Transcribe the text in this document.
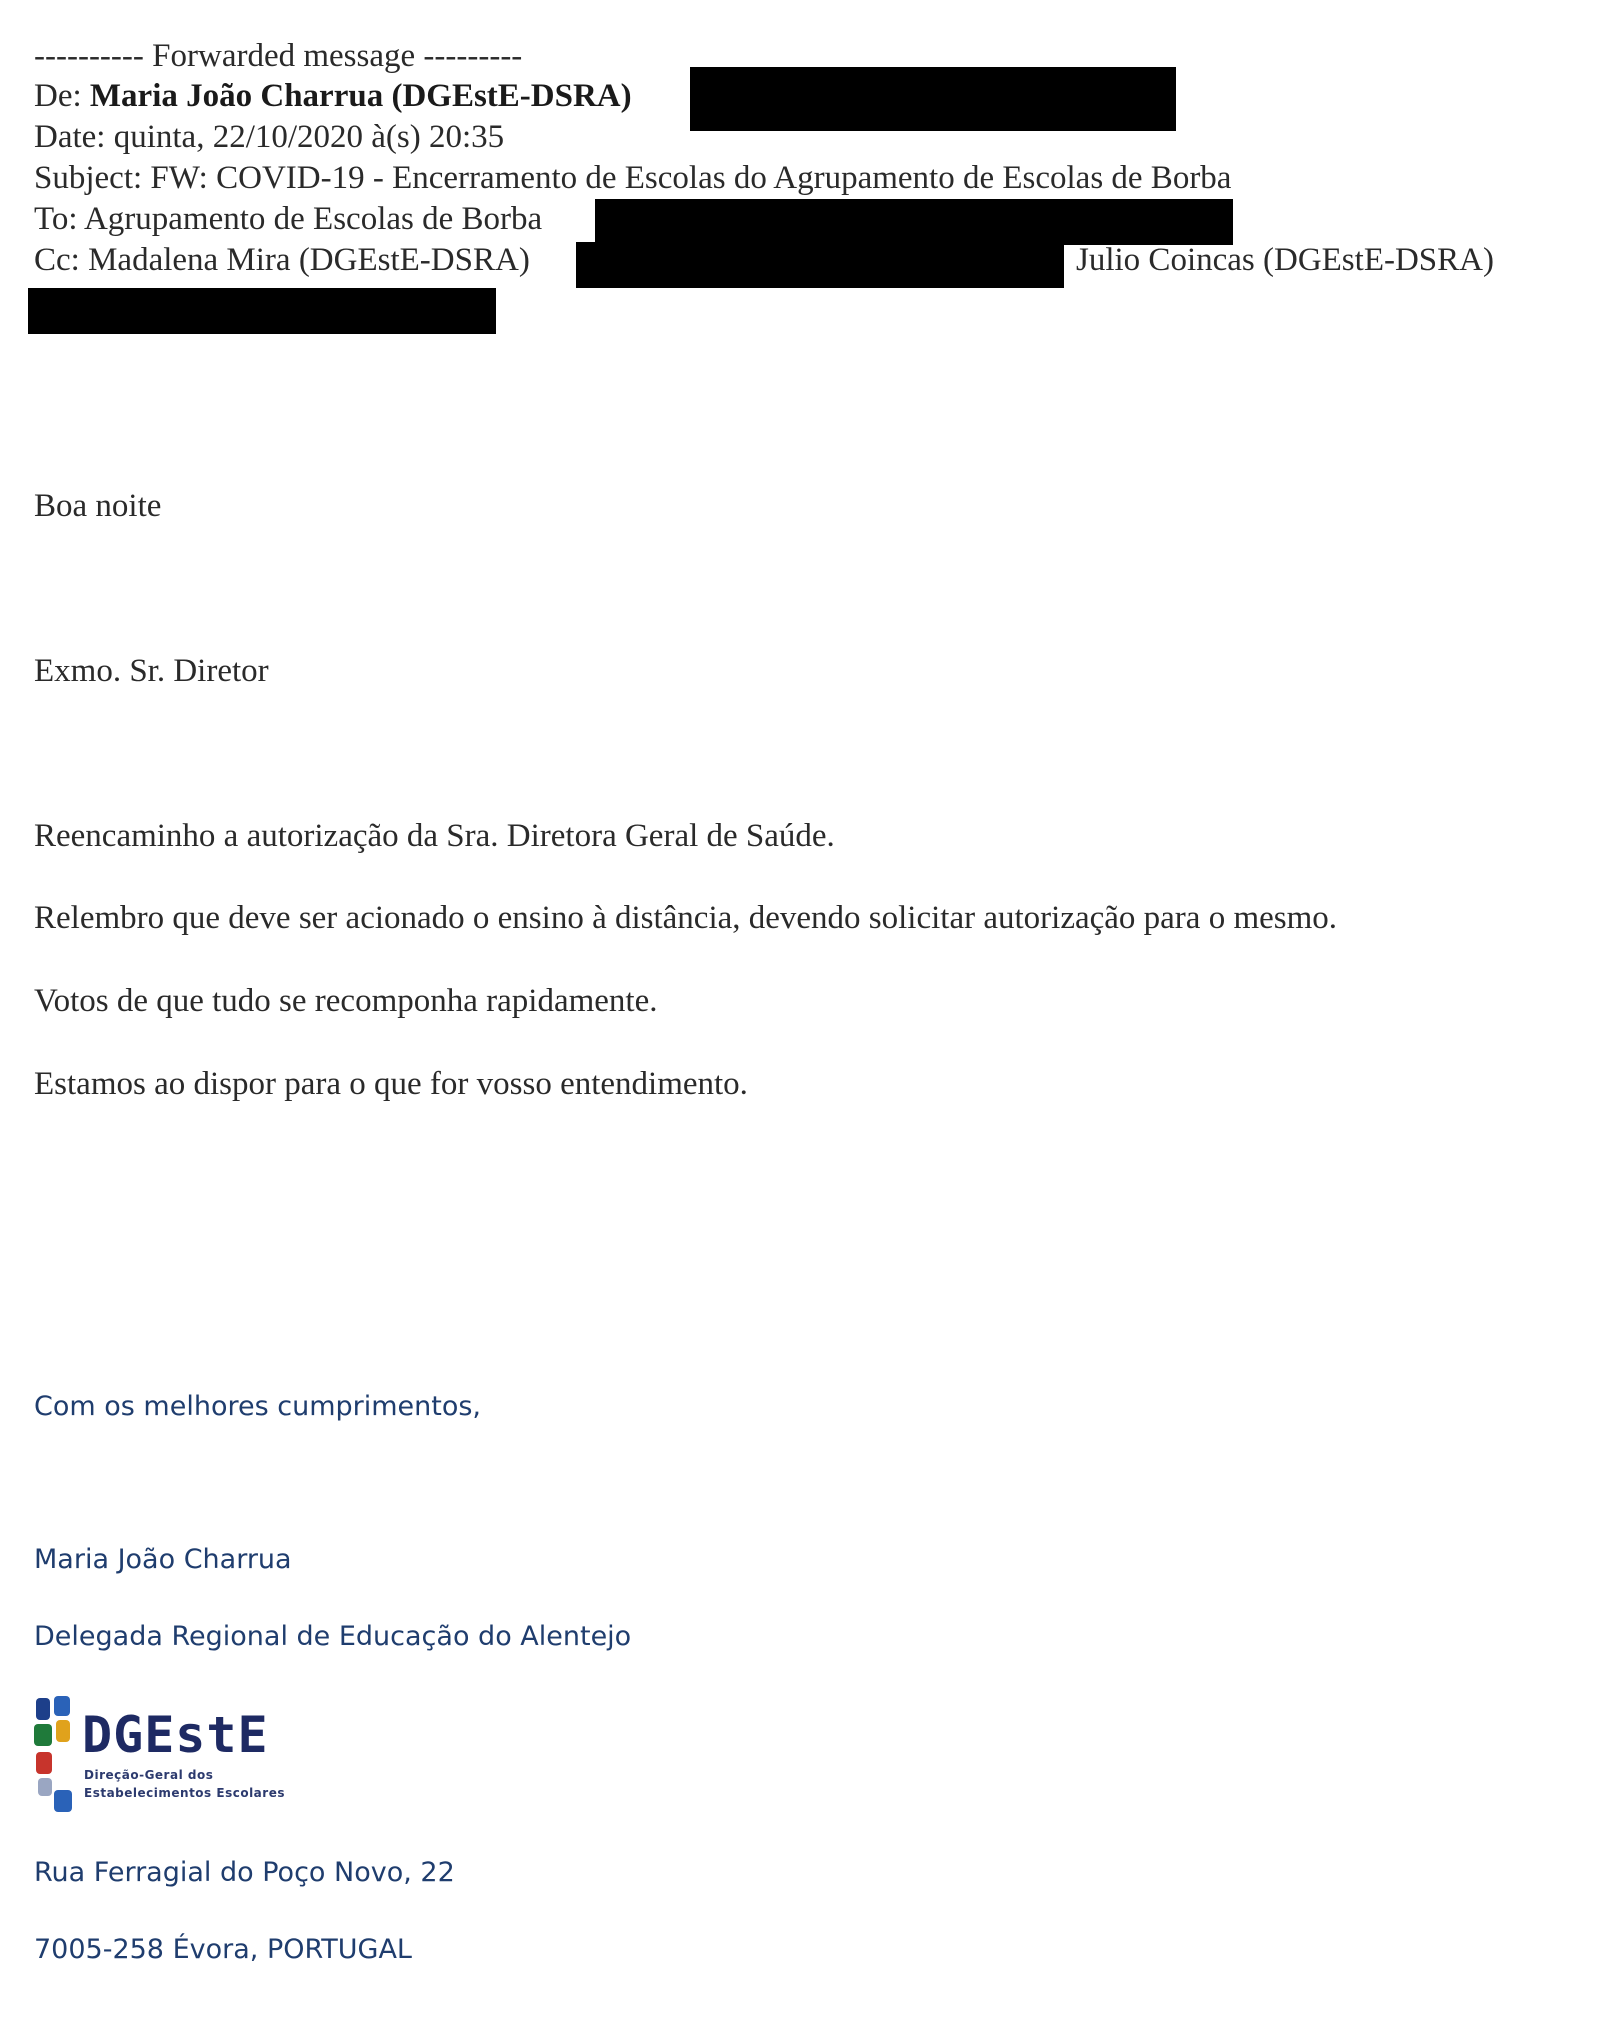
---------- Forwarded message ---------
De: Maria João Charrua (DGEstE-DSRA)
Date: quinta, 22/10/2020 à(s) 20:35
Subject: FW: COVID-19 - Encerramento de Escolas do Agrupamento de Escolas de Borba
To: Agrupamento de Escolas de Borba
Cc: Madalena Mira (DGEstE-DSRA)	Julio Coincas (DGEstE-DSRA)
Boa noite
Exmo. Sr. Diretor
Reencaminho a autorização da Sra. Diretora Geral de Saúde.
Relembro que deve ser acionado o ensino à distância, devendo solicitar autorização para o mesmo.
Votos de que tudo se recomponha rapidamente.
Estamos ao dispor para o que for vosso entendimento.
Com os melhores cumprimentos,
Maria João Charrua
Delegada Regional de Educação do Alentejo
DGEstE
Direção-Geral dos
Estabelecimentos Escolares
Rua Ferragial do Poço Novo, 22
7005-258 Évora, PORTUGAL
